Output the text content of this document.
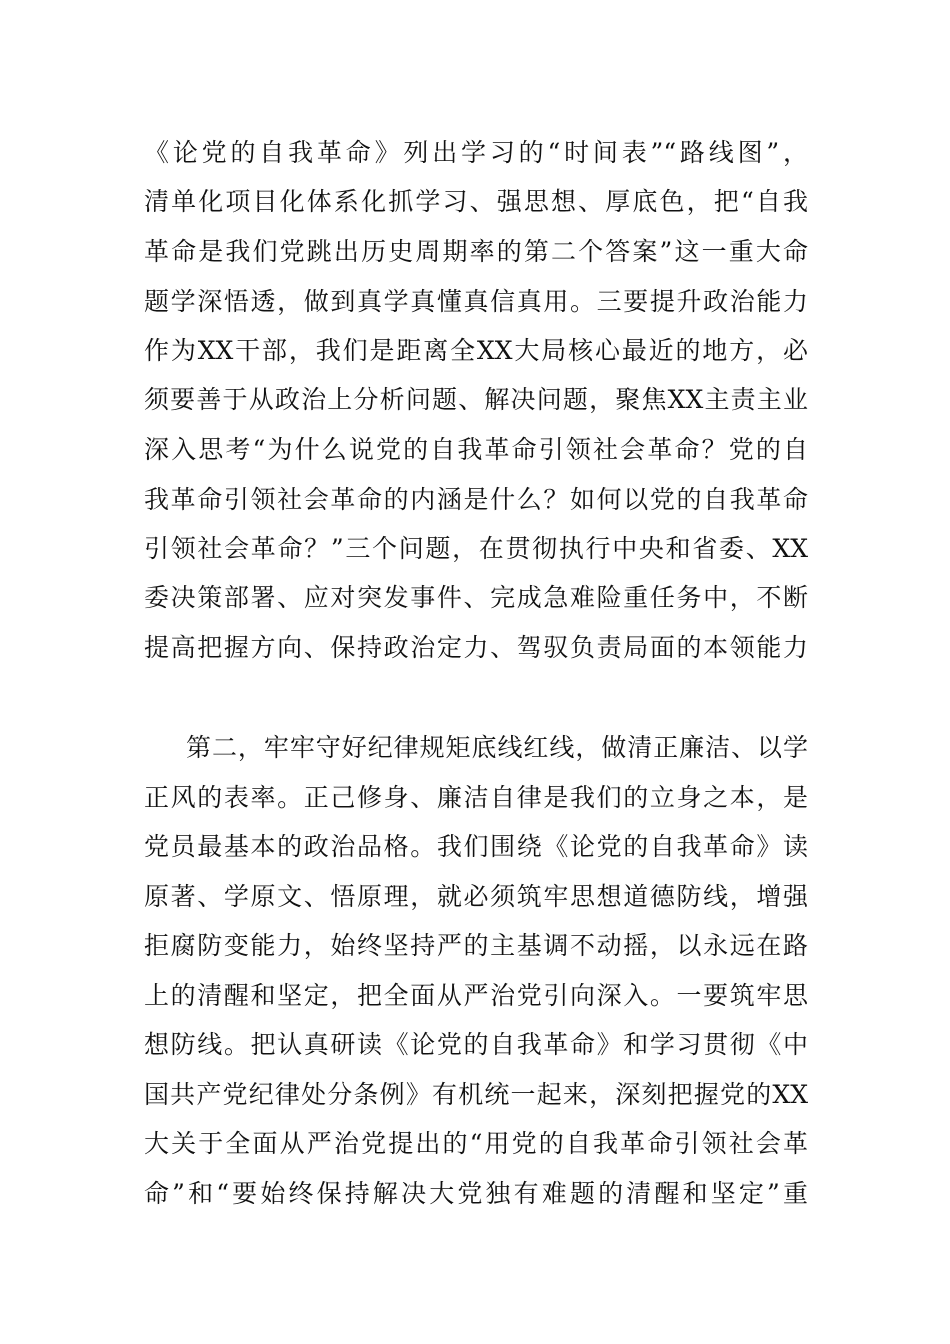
《论党的自我革命》列出学习的“时间表”“路线图”，
清单化项目化体系化抓学习、强思想、厚底色，把“自我
革命是我们党跳出历史周期率的第二个答案”这一重大命
题学深悟透，做到真学真懂真信真用。三要提升政治能力
作为XX干部，我们是距离全XX大局核心最近的地方，必
须要善于从政治上分析问题、解决问题，聚焦XX主责主业
深入思考“为什么说党的自我革命引领社会革命？党的自
我革命引领社会革命的内涵是什么？如何以党的自我革命
引领社会革命？”三个问题，在贯彻执行中央和省委、XX
委决策部署、应对突发事件、完成急难险重任务中，不断
提高把握方向、保持政治定力、驾驭负责局面的本领能力
第二，牢牢守好纪律规矩底线红线，做清正廉洁、以学
正风的表率。正己修身、廉洁自律是我们的立身之本，是
党员最基本的政治品格。我们围绕《论党的自我革命》读
原著、学原文、悟原理，就必须筑牢思想道德防线，增强
拒腐防变能力，始终坚持严的主基调不动摇，以永远在路
上的清醒和坚定，把全面从严治党引向深入。一要筑牢思
想防线。把认真研读《论党的自我革命》和学习贯彻《中
国共产党纪律处分条例》有机统一起来，深刻把握党的XX
大关于全面从严治党提出的“用党的自我革命引领社会革
命”和“要始终保持解决大党独有难题的清醒和坚定”重
